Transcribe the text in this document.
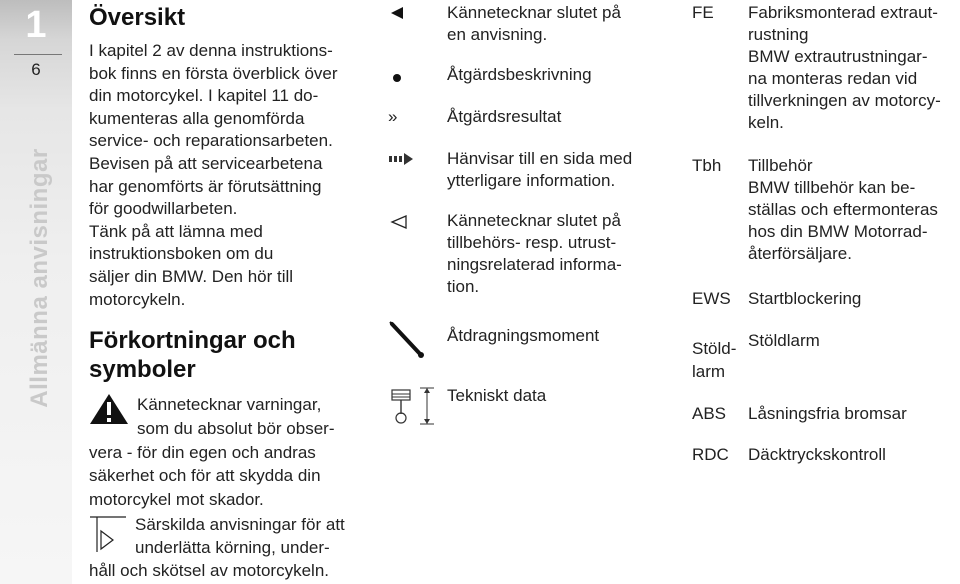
1
6
Allmänna anvisningar
Översikt
I kapitel 2 av denna instruktions-
bok finns en första överblick över
din motorcykel. I kapitel 11 do-
kumenteras alla genomförda
service- och reparationsarbeten.
Bevisen på att servicearbetena
har genomförts är förutsättning
för goodwillarbeten.
Tänk på att lämna med
instruktionsboken om du
säljer din BMW. Den hör till
motorcykeln.
Förkortningar och
symboler
Kännetecknar varningar,
som du absolut bör obser-
vera - för din egen och andras
säkerhet och för att skydda din
motorcykel mot skador.
Särskilda anvisningar för att
underlätta körning, under-
håll och skötsel av motorcykeln.
Kännetecknar slutet på
en anvisning.
Åtgärdsbeskrivning
»	Åtgärdsresultat
Hänvisar till en sida med
ytterligare information.
Kännetecknar slutet på
tillbehörs- resp. utrust-
ningsrelaterad informa-
tion.
Åtdragningsmoment
Tekniskt data
FE Fabriksmonterad extraut-
rustning
BMW extrautrustningar-
na monteras redan vid
tillverkningen av motorcy-
keln.
Tbh Tillbehör
BMW tillbehör kan be-
ställas och eftermonteras
hos din BMW Motorrad-
återförsäljare.
EWS Startblockering
Stöld-
larm
Stöldlarm
ABS Låsningsfria bromsar
RDC Däcktryckskontroll
